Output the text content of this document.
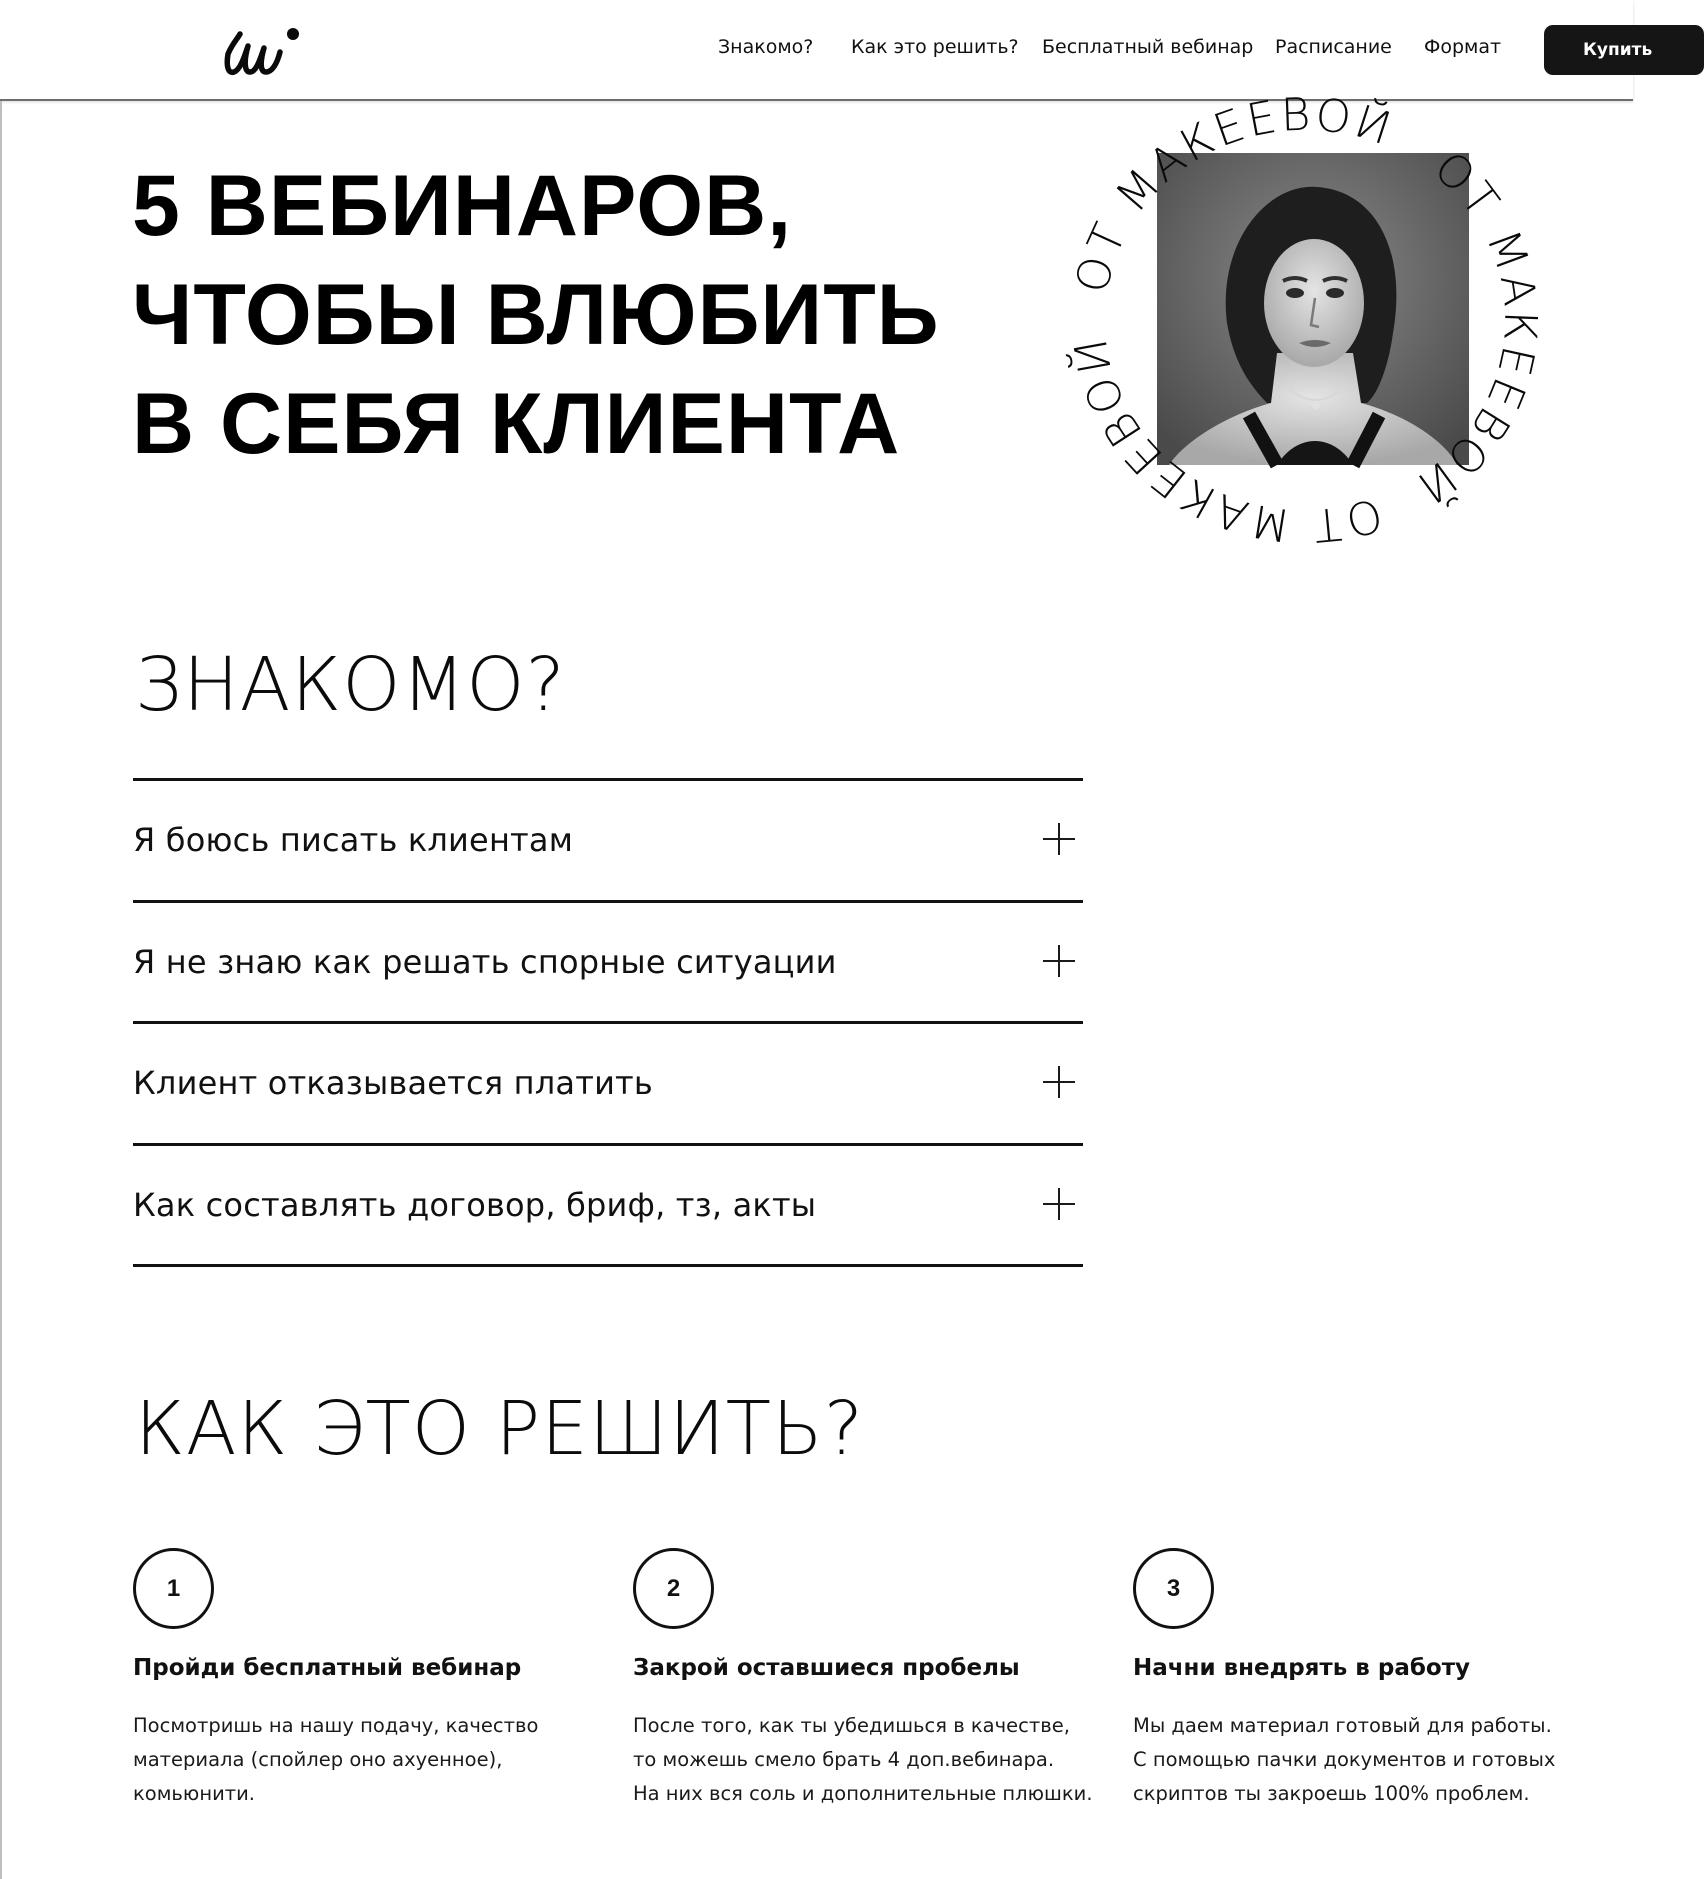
Знакомо? Как это решить? Бесплатный вебинар Расписание Формат	Купить
5 ВЕБИНАРОВ,
ЧТОБЫ ВЛЮБИТЬ
В СЕБЯ КЛИЕНТА
ОТ МАКЕЕВОЙ
ОТ МАКЕЕВОЙ
ОТ МАКЕЕВОЙ
ЗНАКОМО?
Я боюсь писать клиентам
Я не знаю как решать спорные ситуации
Клиент отказывается платить
Как составлять договор, бриф, тз, акты
КАК ЭТО РЕШИТЬ?
1
Пройди бесплатный вебинар
Посмотришь на нашу подачу, качество
материала (спойлер оно ахуенное),
комьюнити.
2
Закрой оставшиеся пробелы
После того, как ты убедишься в качестве,
то можешь смело брать 4 доп.вебинара.
На них вся соль и дополнительные плюшки.
3
Начни внедрять в работу
Мы даем материал готовый для работы.
С помощью пачки документов и готовых
скриптов ты закроешь 100% проблем.
